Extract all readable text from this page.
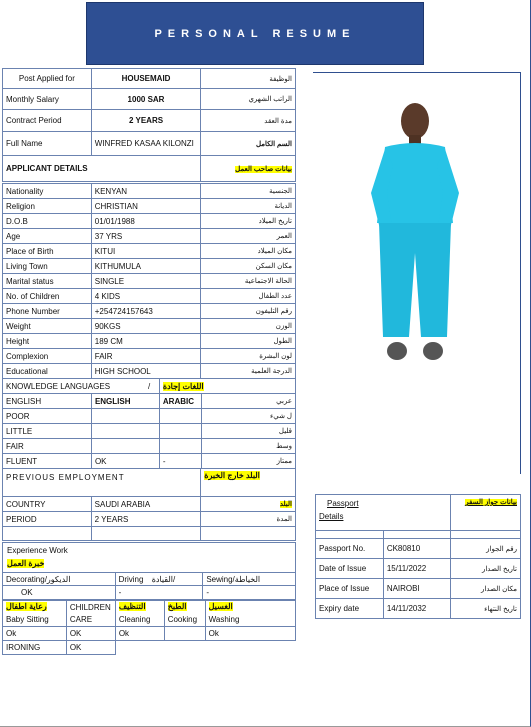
PERSONAL RESUME
Post Applied for	HOUSEMAID	الوظيفة
Monthly Salary	1000 SAR	الراتب الشهري
Contract Period	2 YEARS	مدة العقد
Full Name	WINFRED KASAA KILONZI	السم الكامل
APPLICANT DETAILS		بيانات صاحب العمل
Nationality	KENYAN	الجنسية
Religion	CHRISTIAN	الديانة
D.O.B	01/01/1988	تاريخ الميلاد
Age	37 YRS	العمر
Place of Birth	KITUI	مكان الميلاد
Living Town	KITHUMULA	مكان السكن
Marital status	SINGLE	الحالة الاجتماعية
No. of Children	4 KIDS	عدد الطفال
Phone Number	+254724157643	رقم التليفون
Weight	90KGS	الوزن
Height	189 CM	الطول
Complexion	FAIR	لون البشرة
Educational	HIGH SCHOOL	الدرجة العلمية
KNOWLEDGE LANGUAGES /		اللغات إجادة	
ENGLISH	ENGLISH	ARABIC	عربي
POOR			ل شيء
LITTLE			قليل
FAIR			وسط
FLUENT	OK	-	ممتاز
PREVIOUS EMPLOYMENT		البلد خارج الخبرة
COUNTRY	SAUDI ARABIA	البلد
PERIOD	2 YEARS	المدة

Experience Work
خبرة العمل
Decorating/الديكور	Driving القيادة/	Sewing/الخياطة
OK	-	-
رعاية اطفال	CHILDREN CARE	التنظيف	الطبخ	الغسيل
Baby Sitting		Cleaning	Cooking	Washing
Ok	OK	Ok		Ok
IRONING	OK			
Passport
Details		بيانات جواز السفر

Passport No.	CK80810	رقم الجواز
Date of Issue	15/11/2022	تاريخ الصدار
Place of Issue	NAIROBI	مكان الصدار
Expiry date	14/11/2032	تاريخ النتهاء
